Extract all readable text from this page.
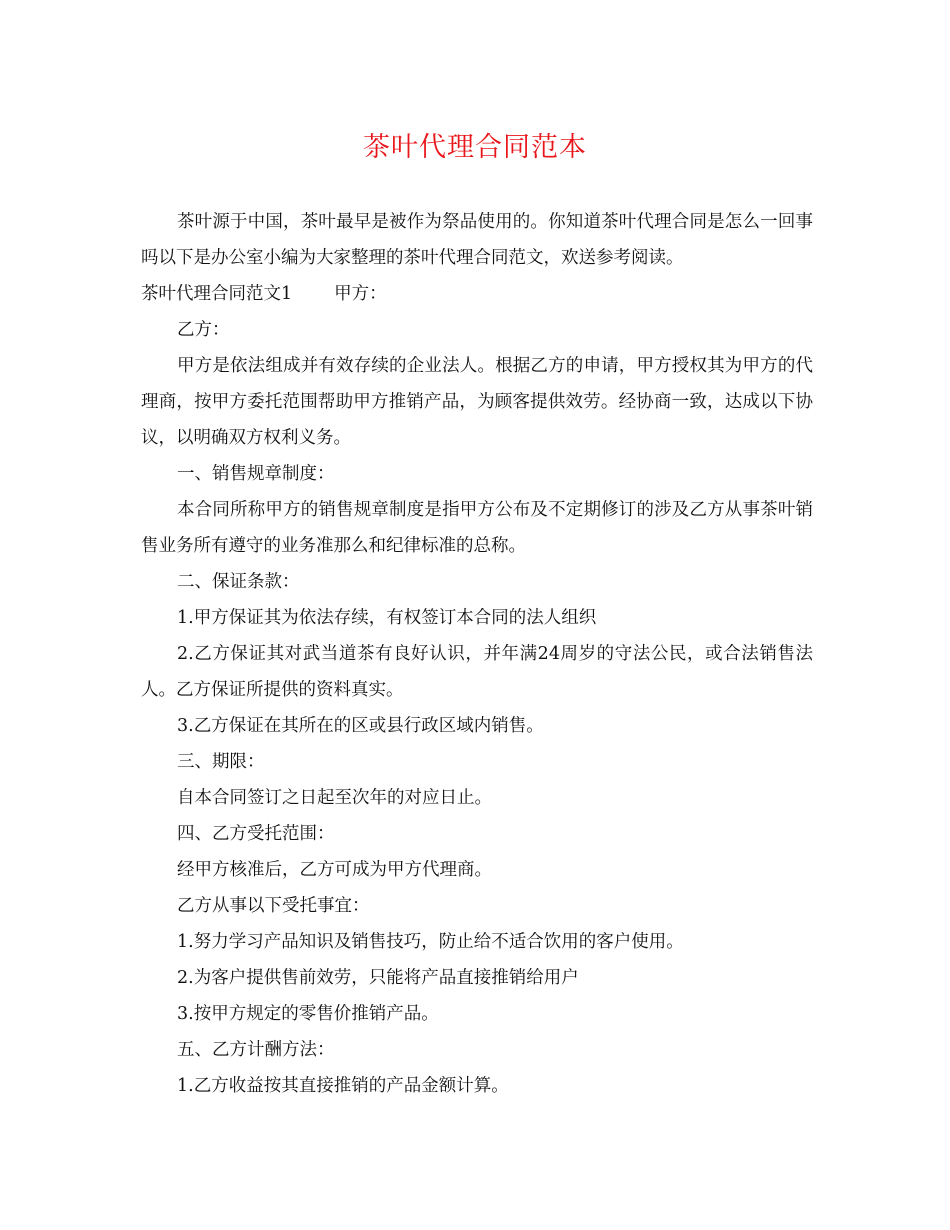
茶叶代理合同范本

茶叶源于中国，茶叶最早是被作为祭品使用的。你知道茶叶代理合同是怎么一回事吗以下是办公室小编为大家整理的茶叶代理合同范文，欢送参考阅读。

茶叶代理合同范文1 甲方：

乙方：

甲方是依法组成并有效存续的企业法人。根据乙方的申请，甲方授权其为甲方的代理商，按甲方委托范围帮助甲方推销产品，为顾客提供效劳。经协商一致，达成以下协议，以明确双方权利义务。

一、销售规章制度：

本合同所称甲方的销售规章制度是指甲方公布及不定期修订的涉及乙方从事茶叶销售业务所有遵守的业务准那么和纪律标准的总称。

二、保证条款：

1.甲方保证其为依法存续，有权签订本合同的法人组织

2.乙方保证其对武当道茶有良好认识，并年满24周岁的守法公民，或合法销售法人。乙方保证所提供的资料真实。

3.乙方保证在其所在的区或县行政区域内销售。

三、期限：

自本合同签订之日起至次年的对应日止。

四、乙方受托范围：

经甲方核准后，乙方可成为甲方代理商。

乙方从事以下受托事宜：

1.努力学习产品知识及销售技巧，防止给不适合饮用的客户使用。

2.为客户提供售前效劳，只能将产品直接推销给用户

3.按甲方规定的零售价推销产品。

五、乙方计酬方法：

1.乙方收益按其直接推销的产品金额计算。
